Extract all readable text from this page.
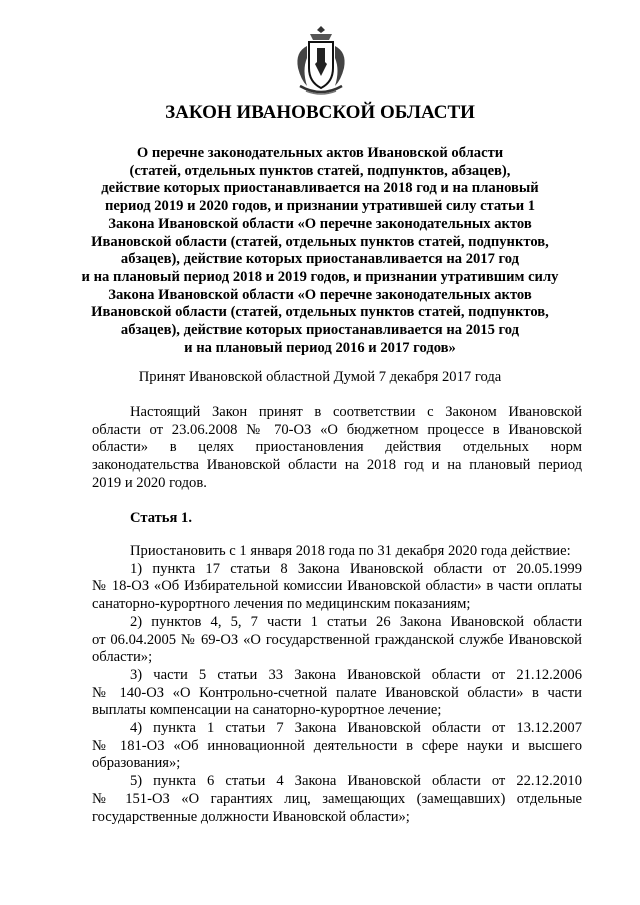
ЗАКОН ИВАНОВСКОЙ ОБЛАСТИ
О перечне законодательных актов Ивановской области
(статей, отдельных пунктов статей, подпунктов, абзацев),
действие которых приостанавливается на 2018 год и на плановый
период 2019 и 2020 годов, и признании утратившей силу статьи 1
Закона Ивановской области «О перечне законодательных актов
Ивановской области (статей, отдельных пунктов статей, подпунктов,
абзацев), действие которых приостанавливается на 2017 год
и на плановый период 2018 и 2019 годов, и признании утратившим силу
Закона Ивановской области «О перечне законодательных актов
Ивановской области (статей, отдельных пунктов статей, подпунктов,
абзацев), действие которых приостанавливается на 2015 год
и на плановый период 2016 и 2017 годов»
Принят Ивановской областной Думой 7 декабря 2017 года
Настоящий Закон принят в соответствии с Законом Ивановской
области от 23.06.2008 № 70-ОЗ «О бюджетном процессе в Ивановской
области» в целях приостановления действия отдельных норм
законодательства Ивановской области на 2018 год и на плановый период
2019 и 2020 годов.
Статья 1.
Приостановить с 1 января 2018 года по 31 декабря 2020 года действие:
1) пункта 17 статьи 8 Закона Ивановской области от 20.05.1999
№ 18-ОЗ «Об Избирательной комиссии Ивановской области» в части оплаты
санаторно-курортного лечения по медицинским показаниям;
2) пунктов 4, 5, 7 части 1 статьи 26 Закона Ивановской области
от 06.04.2005 № 69-ОЗ «О государственной гражданской службе Ивановской
области»;
3) части 5 статьи 33 Закона Ивановской области от 21.12.2006
№ 140-ОЗ «О Контрольно-счетной палате Ивановской области» в части
выплаты компенсации на санаторно-курортное лечение;
4) пункта 1 статьи 7 Закона Ивановской области от 13.12.2007
№ 181-ОЗ «Об инновационной деятельности в сфере науки и высшего
образования»;
5) пункта 6 статьи 4 Закона Ивановской области от 22.12.2010
№ 151-ОЗ «О гарантиях лиц, замещающих (замещавших) отдельные
государственные должности Ивановской области»;
